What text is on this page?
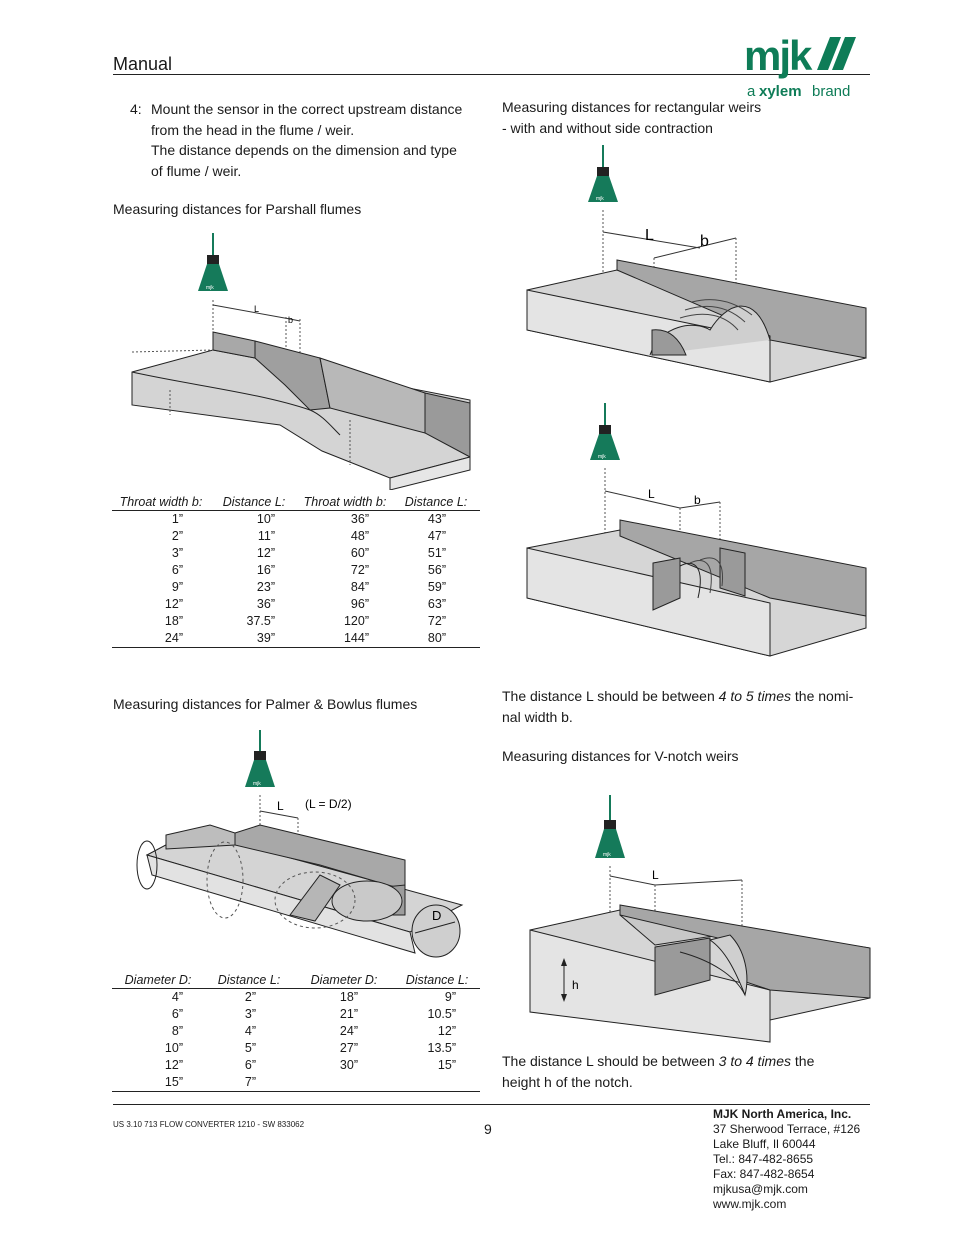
Manual	mjk
a xylem brand
4: Mount the sensor in the correct upstream distance
from the head in the flume / weir.
The distance depends on the dimension and type
of flume / weir.
Measuring distances for Parshall flumes
mjk
L
b
Throat width b:	Distance L:	Throat width b:	Distance L:
1”	10”	36”	43”
2”	11”	48”	47”
3”	12”	60”	51”
6”	16”	72”	56”
9”	23”	84”	59”
12”	36”	96”	63”
18”	37.5”	120”	72”
24”	39”	144”	80”
Measuring distances for Palmer & Bowlus flumes
mjk
L (L = D/2)
D
Diameter D:	Distance L:	Diameter D:	Distance L:
4”	2”	18”	9”
6”	3”	21”	10.5”
8”	4”	24”	12”
10”	5”	27”	13.5”
12”	6”	30”	15”
15”	7”		
Measuring distances for rectangular weirs
- with and without side contraction
mjk
L	b
mjk
L	b
The distance L should be between 4 to 5 times the nomi-
nal width b.
Measuring distances for V-notch weirs
mjk
L
h
The distance L should be between 3 to 4 times the
height h of the notch.
US 3.10 713 FLOW CONVERTER 1210 - SW 833062	9
MJK North America, Inc.
37 Sherwood Terrace, #126
Lake Bluff, Il 60044
Tel.: 847-482-8655
Fax: 847-482-8654
mjkusa@mjk.com
www.mjk.com
